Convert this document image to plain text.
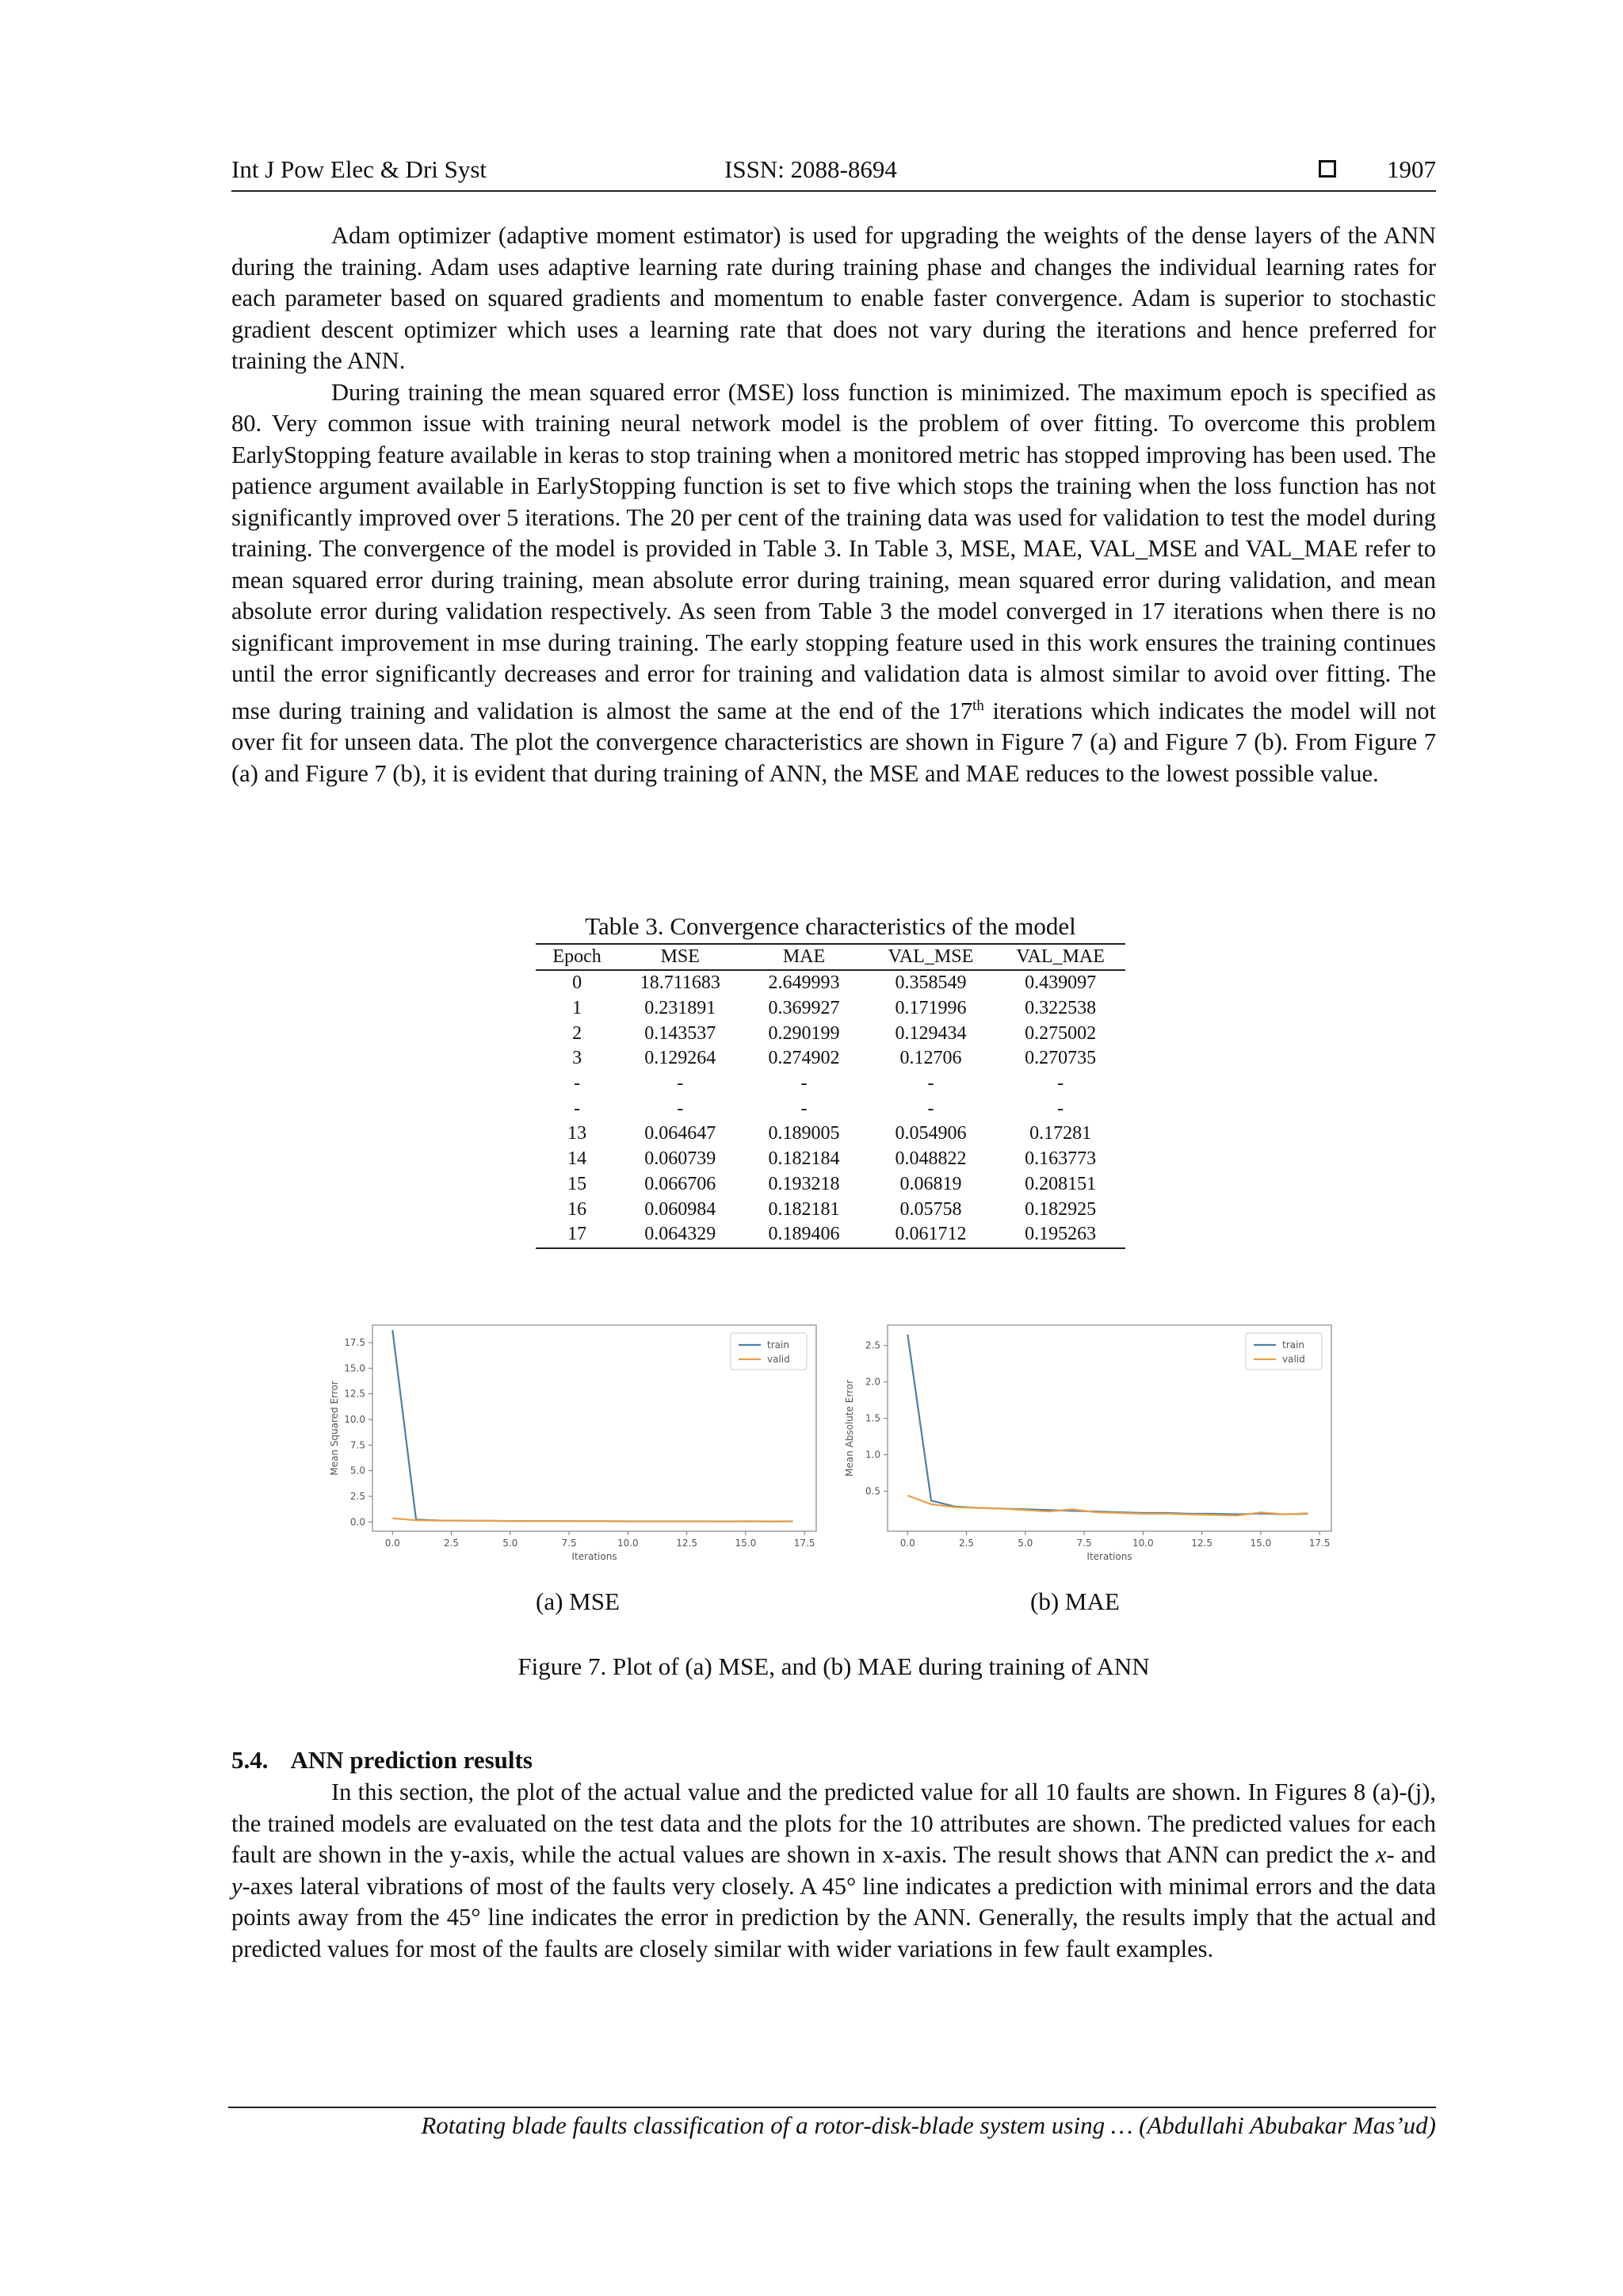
Int J Pow Elec & Dri Syst	ISSN: 2088-8694	1907

Adam optimizer (adaptive moment estimator) is used for upgrading the weights of the dense layers of the ANN during the training. Adam uses adaptive learning rate during training phase and changes the individual learning rates for each parameter based on squared gradients and momentum to enable faster convergence. Adam is superior to stochastic gradient descent optimizer which uses a learning rate that does not vary during the iterations and hence preferred for training the ANN.

During training the mean squared error (MSE) loss function is minimized. The maximum epoch is specified as 80. Very common issue with training neural network model is the problem of over fitting. To overcome this problem EarlyStopping feature available in keras to stop training when a monitored metric has stopped improving has been used. The patience argument available in EarlyStopping function is set to five which stops the training when the loss function has not significantly improved over 5 iterations. The 20 per cent of the training data was used for validation to test the model during training. The convergence of the model is provided in Table 3. In Table 3, MSE, MAE, VAL_MSE and VAL_MAE refer to mean squared error during training, mean absolute error during training, mean squared error during validation, and mean absolute error during validation respectively. As seen from Table 3 the model converged in 17 iterations when there is no significant improvement in mse during training. The early stopping feature used in this work ensures the training continues until the error significantly decreases and error for training and validation data is almost similar to avoid over fitting. The mse during training and validation is almost the same at the end of the 17th iterations which indicates the model will not over fit for unseen data. The plot the convergence characteristics are shown in Figure 7 (a) and Figure 7 (b). From Figure 7 (a) and Figure 7 (b), it is evident that during training of ANN, the MSE and MAE reduces to the lowest possible value.

Table 3. Convergence characteristics of the model
Epoch	MSE	MAE	VAL_MSE	VAL_MAE
0	18.711683	2.649993	0.358549	0.439097
1	0.231891	0.369927	0.171996	0.322538
2	0.143537	0.290199	0.129434	0.275002
3	0.129264	0.274902	0.12706	0.270735
-	-	-	-	-
-	-	-	-	-
13	0.064647	0.189005	0.054906	0.17281
14	0.060739	0.182184	0.048822	0.163773
15	0.066706	0.193218	0.06819	0.208151
16	0.060984	0.182181	0.05758	0.182925
17	0.064329	0.189406	0.061712	0.195263
0.0	2.5	5.0	7.5	10.0	12.5	15.0	17.5
0.0
2.5
5.0
7.5
10.0
12.5
15.0
17.5
Iterations
Mean Squared Error
train
valid
0.0	2.5	5.0	7.5	10.0	12.5	15.0	17.5
0.5
1.0
1.5
2.0
2.5
Iterations
Mean Absolute Error
train
valid
(a) MSE	(b) MAE
Figure 7. Plot of (a) MSE, and (b) MAE during training of ANN
5.4. ANN prediction results

In this section, the plot of the actual value and the predicted value for all 10 faults are shown. In Figures 8 (a)-(j), the trained models are evaluated on the test data and the plots for the 10 attributes are shown. The predicted values for each fault are shown in the y-axis, while the actual values are shown in x-axis. The result shows that ANN can predict the x- and y-axes lateral vibrations of most of the faults very closely. A 45° line indicates a prediction with minimal errors and the data points away from the 45° line indicates the error in prediction by the ANN. Generally, the results imply that the actual and predicted values for most of the faults are closely similar with wider variations in few fault examples.

Rotating blade faults classification of a rotor-disk-blade system using … (Abdullahi Abubakar Mas’ud)
